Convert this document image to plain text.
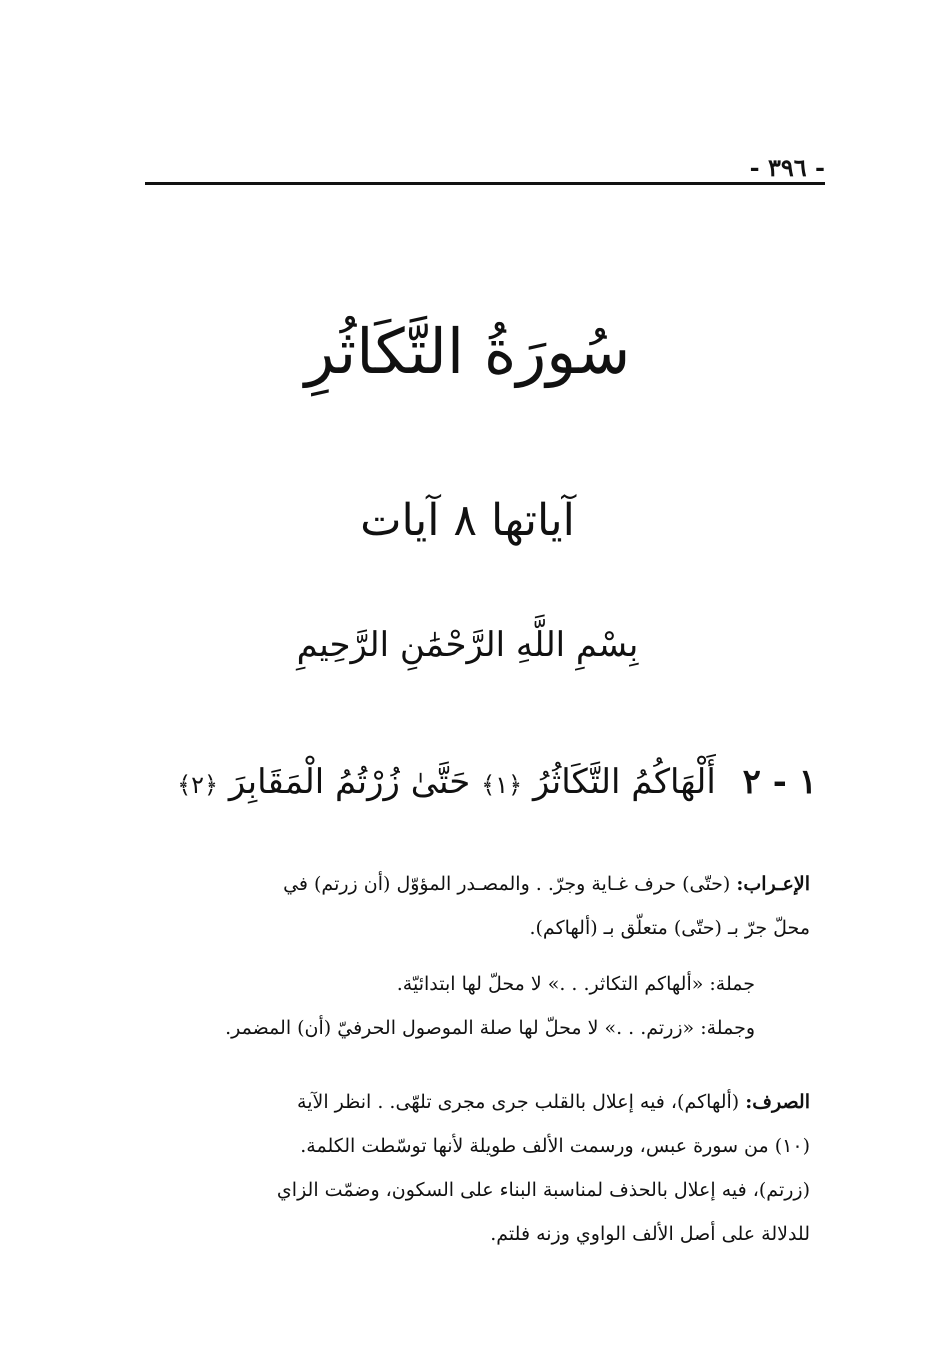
- ٣٩٦ -
سُورَةُ التَّكَاثُرِ
آياتها ٨ آيات
بِسْمِ اللَّهِ الرَّحْمَٰنِ الرَّحِيمِ
١ - ٢ أَلْهَاكُمُ التَّكَاثُرُ ﴿١﴾ حَتَّىٰ زُرْتُمُ الْمَقَابِرَ ﴿٢﴾

الإعـراب: (حتّى) حرف غـاية وجرّ. . والمصـدر المؤوّل (أن زرتم) في

محلّ جرّ بـ (حتّى) متعلّق بـ (ألهاكم).

جملة: «ألهاكم التكاثر. . .» لا محلّ لها ابتدائيّة.

وجملة: «زرتم. . .» لا محلّ لها صلة الموصول الحرفيّ (أن) المضمر.

الصرف: (ألهاكم)، فيه إعلال بالقلب جرى مجرى تلهّى. . انظر الآية

(١٠) من سورة عبس، ورسمت الألف طويلة لأنها توسّطت الكلمة.

(زرتم)، فيه إعلال بالحذف لمناسبة البناء على السكون، وضمّت الزاي

للدلالة على أصل الألف الواوي وزنه فلتم.
